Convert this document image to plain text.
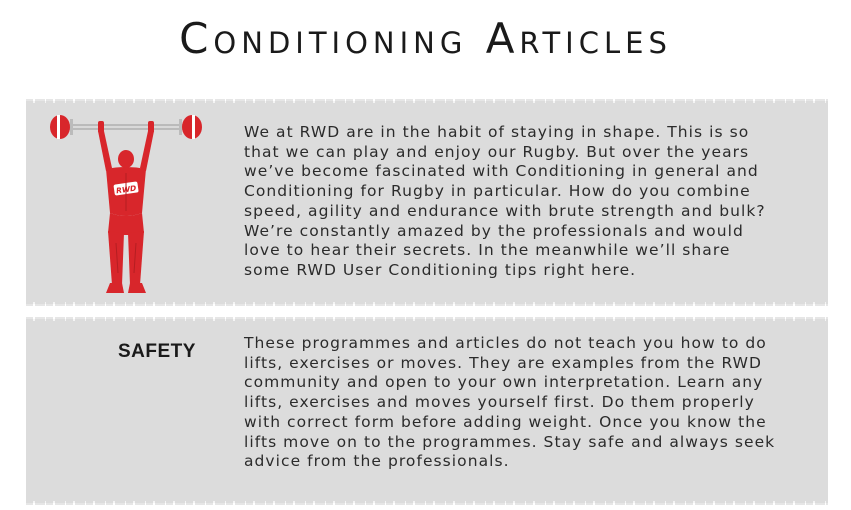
Conditioning Articles
RWD

We at RWD are in the habit of staying in shape. This is so
that we can play and enjoy our Rugby. But over the years
we’ve become fascinated with Conditioning in general and
Conditioning for Rugby in particular. How do you combine
speed, agility and endurance with brute strength and bulk?
We’re constantly amazed by the professionals and would
love to hear their secrets. In the meanwhile we’ll share
some RWD User Conditioning tips right here.

SAFETY	These programmes and articles do not teach you how to do
lifts, exercises or moves. They are examples from the RWD
community and open to your own interpretation. Learn any
lifts, exercises and moves yourself first. Do them properly
with correct form before adding weight. Once you know the
lifts move on to the programmes. Stay safe and always seek
advice from the professionals.
